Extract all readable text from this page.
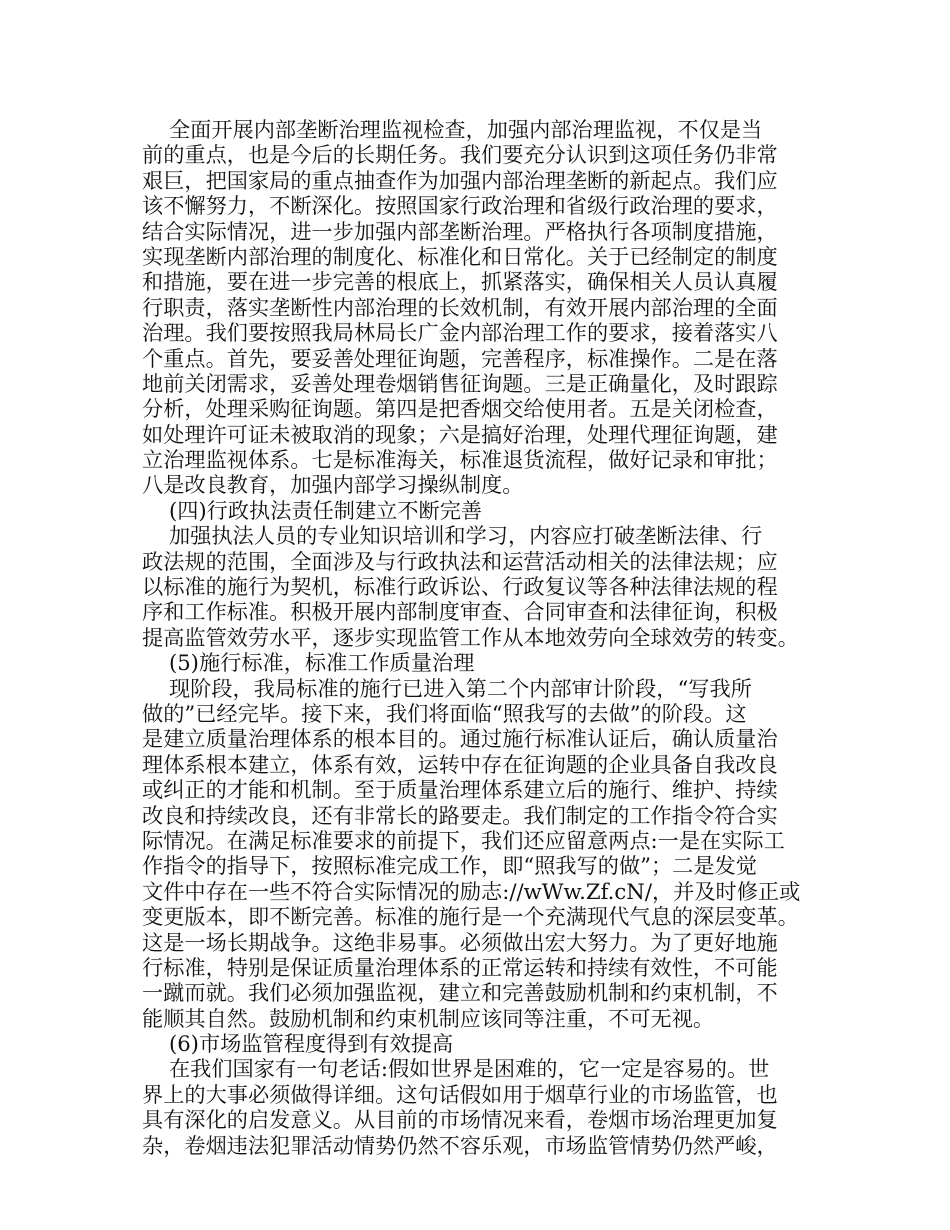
全面开展内部垄断治理监视检查，加强内部治理监视，不仅是当
前的重点，也是今后的长期任务。我们要充分认识到这项任务仍非常
艰巨，把国家局的重点抽查作为加强内部治理垄断的新起点。我们应
该不懈努力，不断深化。按照国家行政治理和省级行政治理的要求，
结合实际情况，进一步加强内部垄断治理。严格执行各项制度措施，
实现垄断内部治理的制度化、标准化和日常化。关于已经制定的制度
和措施，要在进一步完善的根底上，抓紧落实，确保相关人员认真履
行职责，落实垄断性内部治理的长效机制，有效开展内部治理的全面
治理。我们要按照我局林局长广金内部治理工作的要求，接着落实八
个重点。首先，要妥善处理征询题，完善程序，标准操作。二是在落
地前关闭需求，妥善处理卷烟销售征询题。三是正确量化，及时跟踪
分析，处理采购征询题。第四是把香烟交给使用者。五是关闭检查，
如处理许可证未被取消的现象；六是搞好治理，处理代理征询题，建
立治理监视体系。七是标准海关，标准退货流程，做好记录和审批；
八是改良教育，加强内部学习操纵制度。
(四)行政执法责任制建立不断完善
加强执法人员的专业知识培训和学习，内容应打破垄断法律、行
政法规的范围，全面涉及与行政执法和运营活动相关的法律法规；应
以标准的施行为契机，标准行政诉讼、行政复议等各种法律法规的程
序和工作标准。积极开展内部制度审查、合同审查和法律征询，积极
提高监管效劳水平，逐步实现监管工作从本地效劳向全球效劳的转变。
(5)施行标准，标准工作质量治理
现阶段，我局标准的施行已进入第二个内部审计阶段，“写我所
做的”已经完毕。接下来，我们将面临“照我写的去做”的阶段。这
是建立质量治理体系的根本目的。通过施行标准认证后，确认质量治
理体系根本建立，体系有效，运转中存在征询题的企业具备自我改良
或纠正的才能和机制。至于质量治理体系建立后的施行、维护、持续
改良和持续改良，还有非常长的路要走。我们制定的工作指令符合实
际情况。在满足标准要求的前提下，我们还应留意两点:一是在实际工
作指令的指导下，按照标准完成工作，即“照我写的做”；二是发觉
文件中存在一些不符合实际情况的励志://wWw.Zf.cN/，并及时修正或
变更版本，即不断完善。标准的施行是一个充满现代气息的深层变革。
这是一场长期战争。这绝非易事。必须做出宏大努力。为了更好地施
行标准，特别是保证质量治理体系的正常运转和持续有效性，不可能
一蹴而就。我们必须加强监视，建立和完善鼓励机制和约束机制，不
能顺其自然。鼓励机制和约束机制应该同等注重，不可无视。
(6)市场监管程度得到有效提高
在我们国家有一句老话:假如世界是困难的，它一定是容易的。世
界上的大事必须做得详细。这句话假如用于烟草行业的市场监管，也
具有深化的启发意义。从目前的市场情况来看，卷烟市场治理更加复
杂，卷烟违法犯罪活动情势仍然不容乐观，市场监管情势仍然严峻，
